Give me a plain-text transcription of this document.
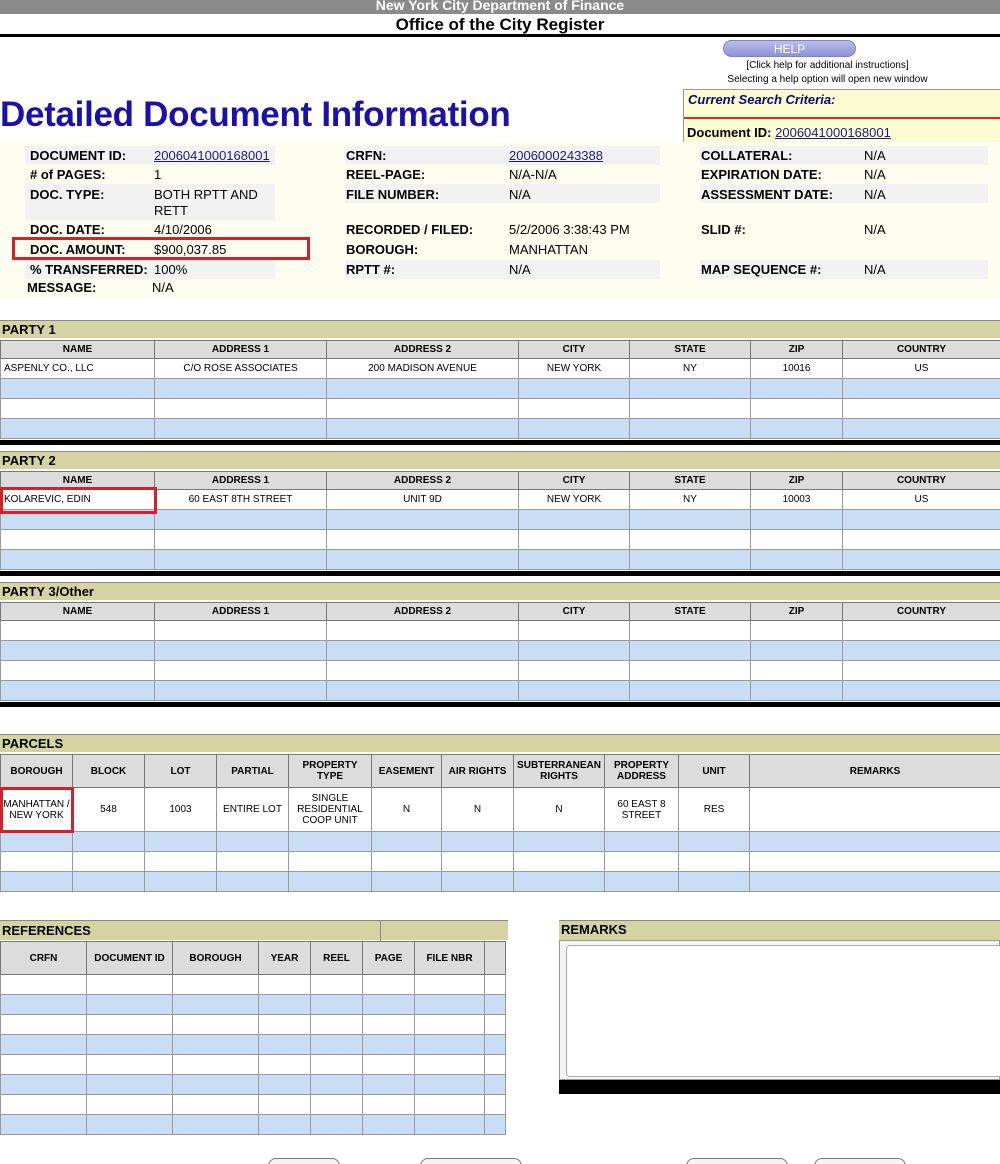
New York City Department of Finance
Office of the City Register
HELP
[Click help for additional instructions]
Selecting a help option will open new window
Detailed Document Information	Current Search Criteria:
Document ID: 2006041000168001
DOCUMENT ID: 2006041000168001
# of PAGES:	1
DOC. TYPE:	BOTH RPTT AND
RETT
DOC. DATE:	4/10/2006
DOC. AMOUNT: $900,037.85
% TRANSFERRED: 100%
MESSAGE:	N/A
CRFN:	2006000243388
REEL-PAGE:	N/A-N/A
FILE NUMBER:	N/A
RECORDED / FILED:	5/2/2006 3:38:43 PM
BOROUGH:	MANHATTAN
RPTT #:	N/A
COLLATERAL:	N/A
EXPIRATION DATE:	N/A
ASSESSMENT DATE: N/A
SLID #:	N/A
MAP SEQUENCE #:	N/A
PARTY 1
NAME	ADDRESS 1	ADDRESS 2	CITY	STATE	ZIP	COUNTRY
ASPENLY CO., LLC	C/O ROSE ASSOCIATES	200 MADISON AVENUE	NEW YORK	NY	10016	US

PARTY 2
NAME	ADDRESS 1	ADDRESS 2	CITY	STATE	ZIP	COUNTRY
KOLAREVIC, EDIN	60 EAST 8TH STREET	UNIT 9D	NEW YORK	NY	10003	US

PARTY 3/Other
NAME	ADDRESS 1	ADDRESS 2	CITY	STATE	ZIP	COUNTRY

PARCELS
BOROUGH	BLOCK	LOT	PARTIAL	PROPERTY TYPE	EASEMENT	AIR RIGHTS	SUBTERRANEAN RIGHTS	PROPERTY ADDRESS	UNIT	REMARKS
MANHATTAN / NEW YORK	548	1003	ENTIRE LOT	SINGLE RESIDENTIAL COOP UNIT	N	N	N	60 EAST 8 STREET	RES	

REFERENCES
CRFN	DOCUMENT ID	BOROUGH	YEAR	REEL	PAGE	FILE NBR	

REMARKS
